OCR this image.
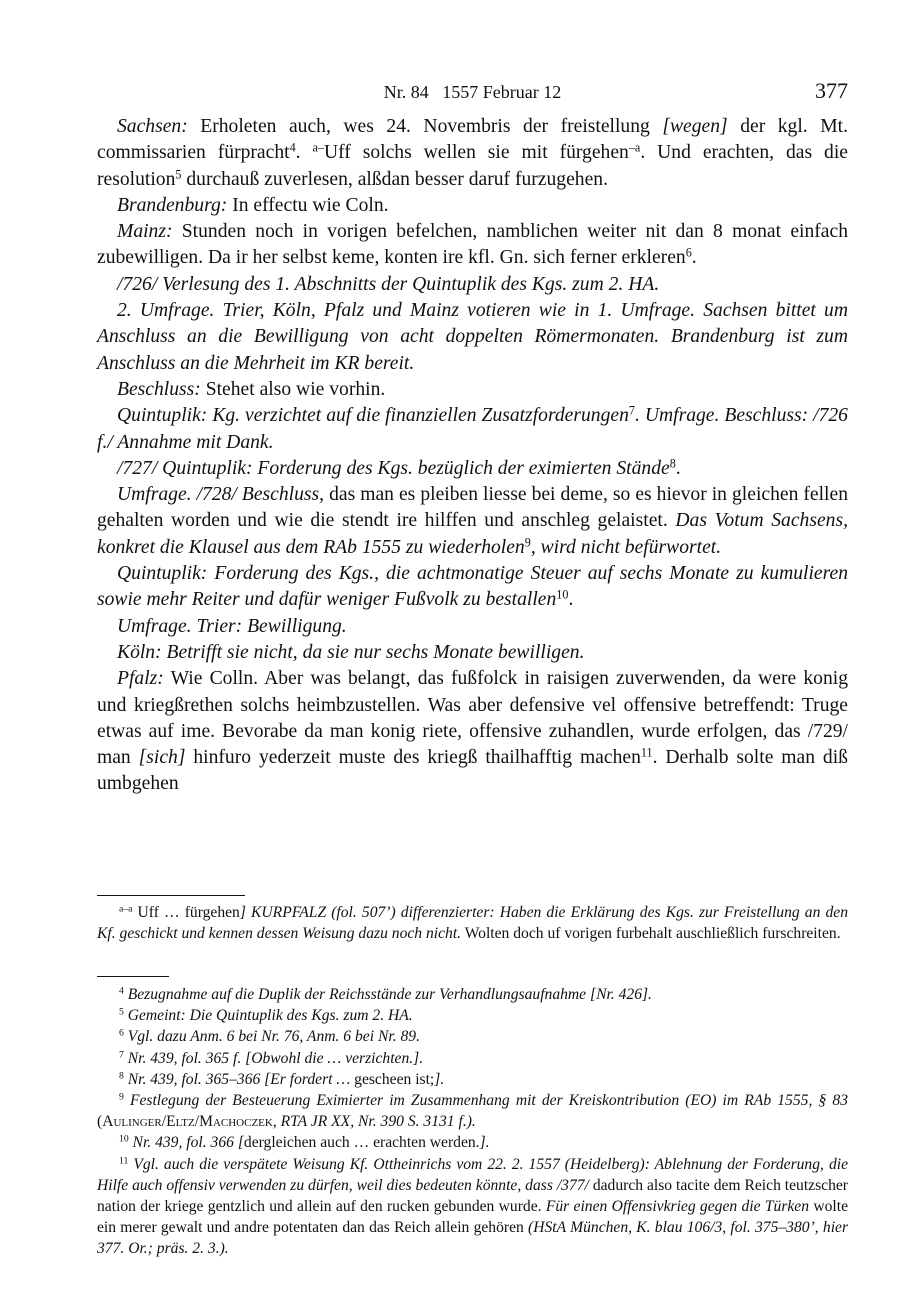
Nr. 84   1557 Februar 12	377

Sachsen: Erholeten auch, wes 24. Novembris der freistellung [wegen] der kgl. Mt. commissarien fürpracht$^4$. $^{a-}$Uff solchs wellen sie mit fürgehen$^{-a}$. Und erachten, das die resolution$^5$ durchauß zuverlesen, alßdan besser daruf furzugehen.

Brandenburg: In effectu wie Coln.

Mainz: Stunden noch in vorigen befelchen, namblichen weiter nit dan 8 monat einfach zubewilligen. Da ir her selbst keme, konten ire kfl. Gn. sich ferner erkleren$^6$.

/726/ Verlesung des 1. Abschnitts der Quintuplik des Kgs. zum 2. HA.

2. Umfrage. Trier, Köln, Pfalz und Mainz votieren wie in 1. Umfrage. Sachsen bittet um Anschluss an die Bewilligung von acht doppelten Römermonaten. Brandenburg ist zum Anschluss an die Mehrheit im KR bereit.

Beschluss: Stehet also wie vorhin.

Quintuplik: Kg. verzichtet auf die finanziellen Zusatzforderungen$^7$. Umfrage. Beschluss: /726 f./ Annahme mit Dank.

/727/ Quintuplik: Forderung des Kgs. bezüglich der eximierten Stände$^8$.

Umfrage. /728/ Beschluss, das man es pleiben liesse bei deme, so es hievor in gleichen fellen gehalten worden und wie die stendt ire hilffen und anschleg gelaistet. Das Votum Sachsens, konkret die Klausel aus dem RAb 1555 zu wiederholen$^9$, wird nicht befürwortet.

Quintuplik: Forderung des Kgs., die achtmonatige Steuer auf sechs Monate zu kumulieren sowie mehr Reiter und dafür weniger Fußvolk zu bestallen$^{10}$.

Umfrage. Trier: Bewilligung.

Köln: Betrifft sie nicht, da sie nur sechs Monate bewilligen.

Pfalz: Wie Colln. Aber was belangt, das fußfolck in raisigen zuverwenden, da were konig und kriegßrethen solchs heimbzustellen. Was aber defensive vel offensive betreffendt: Truge etwas auf ime. Bevorabe da man konig riete, offensive zuhandlen, wurde erfolgen, das /729/ man [sich] hinfuro yederzeit muste des kriegß thailhafftig machen$^{11}$. Derhalb solte man diß umbgehen

$^{a-a}$ Uff … fürgehen] KURPFALZ (fol. 507’) differenzierter: Haben die Erklärung des Kgs. zur Freistellung an den Kf. geschickt und kennen dessen Weisung dazu noch nicht. Wolten doch uf vorigen furbehalt auschließlich furschreiten.

$^4$ Bezugnahme auf die Duplik der Reichsstände zur Verhandlungsaufnahme [Nr. 426].

$^5$ Gemeint: Die Quintuplik des Kgs. zum 2. HA.

$^6$ Vgl. dazu Anm. 6 bei Nr. 76, Anm. 6 bei Nr. 89.

$^7$ Nr. 439, fol. 365 f. [Obwohl die … verzichten.].

$^8$ Nr. 439, fol. 365–366 [Er fordert … gescheen ist;].

$^9$ Festlegung der Besteuerung Eximierter im Zusammenhang mit der Kreiskontribution (EO) im RAb 1555, § 83 (Aulinger/Eltz/Machoczek, RTA JR XX, Nr. 390 S. 3131 f.).

$^{10}$ Nr. 439, fol. 366 [dergleichen auch … erachten werden.].

$^{11}$ Vgl. auch die verspätete Weisung Kf. Ottheinrichs vom 22. 2. 1557 (Heidelberg): Ablehnung der Forderung, die Hilfe auch offensiv verwenden zu dürfen, weil dies bedeuten könnte, dass /377/ dadurch also tacite dem Reich teutzscher nation der kriege gentzlich und allein auf den rucken gebunden wurde. Für einen Offensivkrieg gegen die Türken wolte ein merer gewalt und andre potentaten dan das Reich allein gehören (HStA München, K. blau 106/3, fol. 375–380’, hier 377. Or.; präs. 2. 3.).
